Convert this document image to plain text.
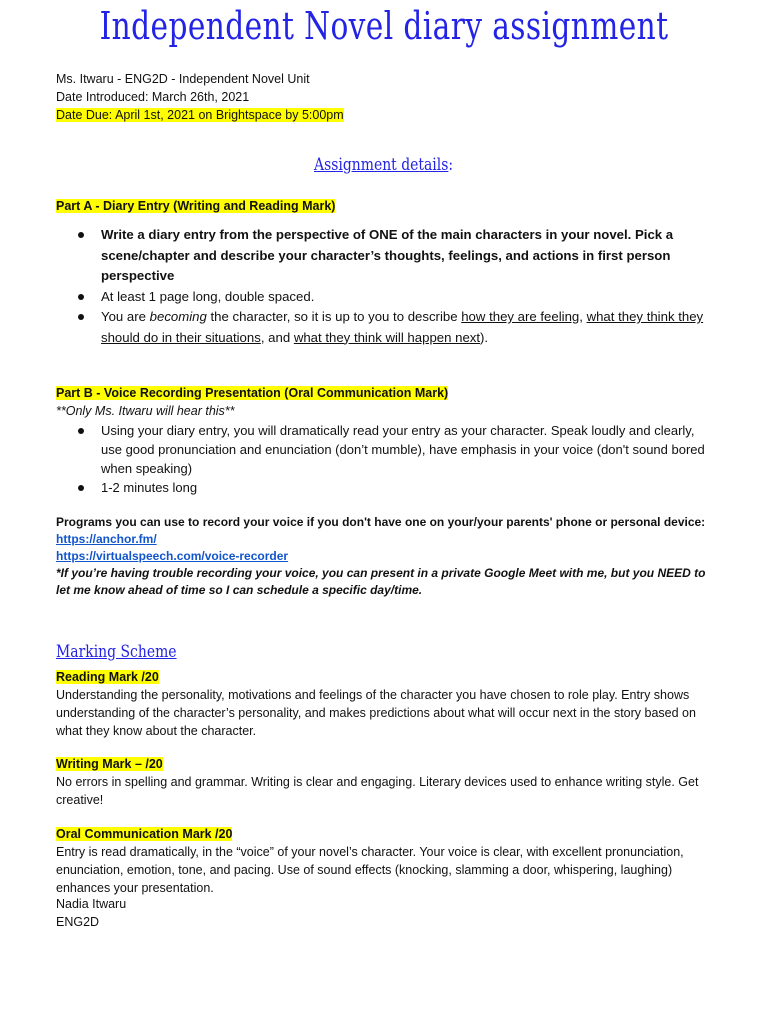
Independent Novel diary assignment
Ms. Itwaru - ENG2D - Independent Novel Unit
Date Introduced: March 26th, 2021
Date Due: April 1st, 2021 on Brightspace by 5:00pm
Assignment details:
Part A - Diary Entry (Writing and Reading Mark)
Write a diary entry from the perspective of ONE of the main characters in your novel. Pick a scene/chapter and describe your character’s thoughts, feelings, and actions in first person perspective
At least 1 page long, double spaced.
You are becoming the character, so it is up to you to describe how they are feeling, what they think they should do in their situations, and what they think will happen next).
Part B - Voice Recording Presentation (Oral Communication Mark)
**Only Ms. Itwaru will hear this**
Using your diary entry, you will dramatically read your entry as your character. Speak loudly and clearly, use good pronunciation and enunciation (don’t mumble), have emphasis in your voice (don't sound bored when speaking)
1-2 minutes long
Programs you can use to record your voice if you don't have one on your/your parents' phone or personal device:
https://anchor.fm/
https://virtualspeech.com/voice-recorder
*If you’re having trouble recording your voice, you can present in a private Google Meet with me, but you NEED to let me know ahead of time so I can schedule a specific day/time.
Marking Scheme
Reading Mark /20
Understanding the personality, motivations and feelings of the character you have chosen to role play. Entry shows understanding of the character’s personality, and makes predictions about what will occur next in the story based on what they know about the character.
Writing Mark – /20
No errors in spelling and grammar. Writing is clear and engaging. Literary devices used to enhance writing style. Get creative!
Oral Communication Mark /20
Entry is read dramatically, in the “voice” of your novel’s character. Your voice is clear, with excellent pronunciation, enunciation, emotion, tone, and pacing. Use of sound effects (knocking, slamming a door, whispering, laughing) enhances your presentation.
Nadia Itwaru
ENG2D
